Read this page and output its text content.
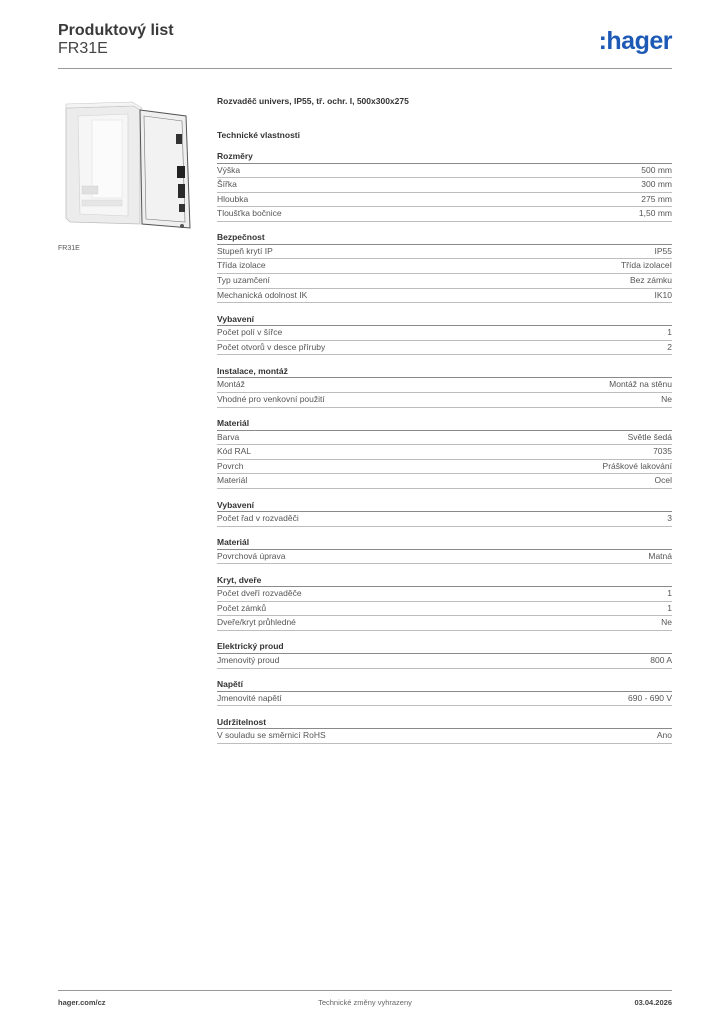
Produktový list
FR31E	:hager
FR31E
Rozvaděč univers, IP55, tř. ochr. I, 500x300x275
Technické vlastnosti
Rozměry
Výška	500 mm
Šířka	300 mm
Hloubka	275 mm
Tloušťka bočnice	1,50 mm
Bezpečnost
Stupeň krytí IP	IP55
Třída izolace	Třída izolaceI
Typ uzamčení	Bez zámku
Mechanická odolnost IK	IK10
Vybavení
Počet polí v šířce	1
Počet otvorů v desce příruby	2
Instalace, montáž
Montáž	Montáž na stěnu
Vhodné pro venkovní použití	Ne
Materiál
Barva	Světle šedá
Kód RAL	7035
Povrch	Práškové lakování
Materiál	Ocel
Vybavení
Počet řad v rozvaděči	3
Materiál
Povrchová úprava	Matná
Kryt, dveře
Počet dveří rozvaděče	1
Počet zámků	1
Dveře/kryt průhledné	Ne
Elektrický proud
Jmenovitý proud	800 A
Napětí
Jmenovité napětí	690 - 690 V
Udržitelnost
V souladu se směrnicí RoHS	Ano
hager.com/cz	Technické změny vyhrazeny	03.04.2026
